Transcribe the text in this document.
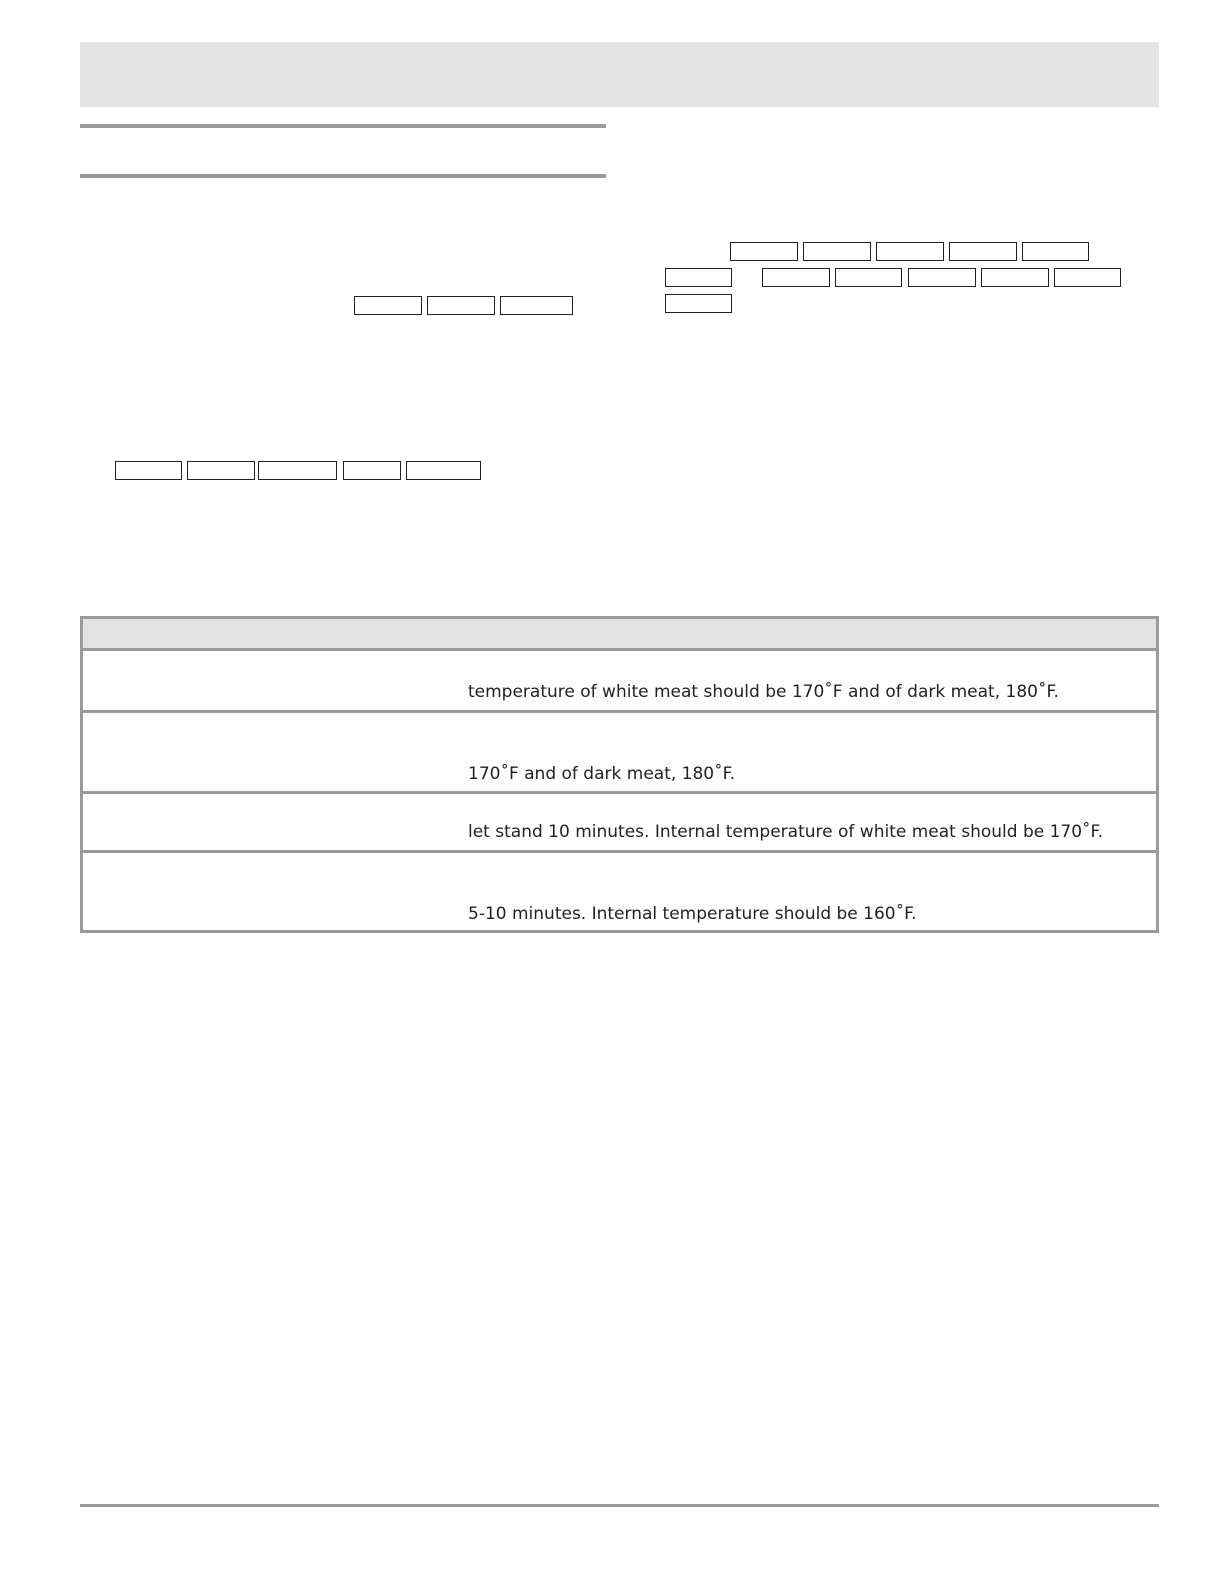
temperature of white meat should be 170˚F and of dark meat, 180˚F.
170˚F and of dark meat, 180˚F.
let stand 10 minutes. Internal temperature of white meat should be 170˚F.
5-10 minutes. Internal temperature should be 160˚F.
